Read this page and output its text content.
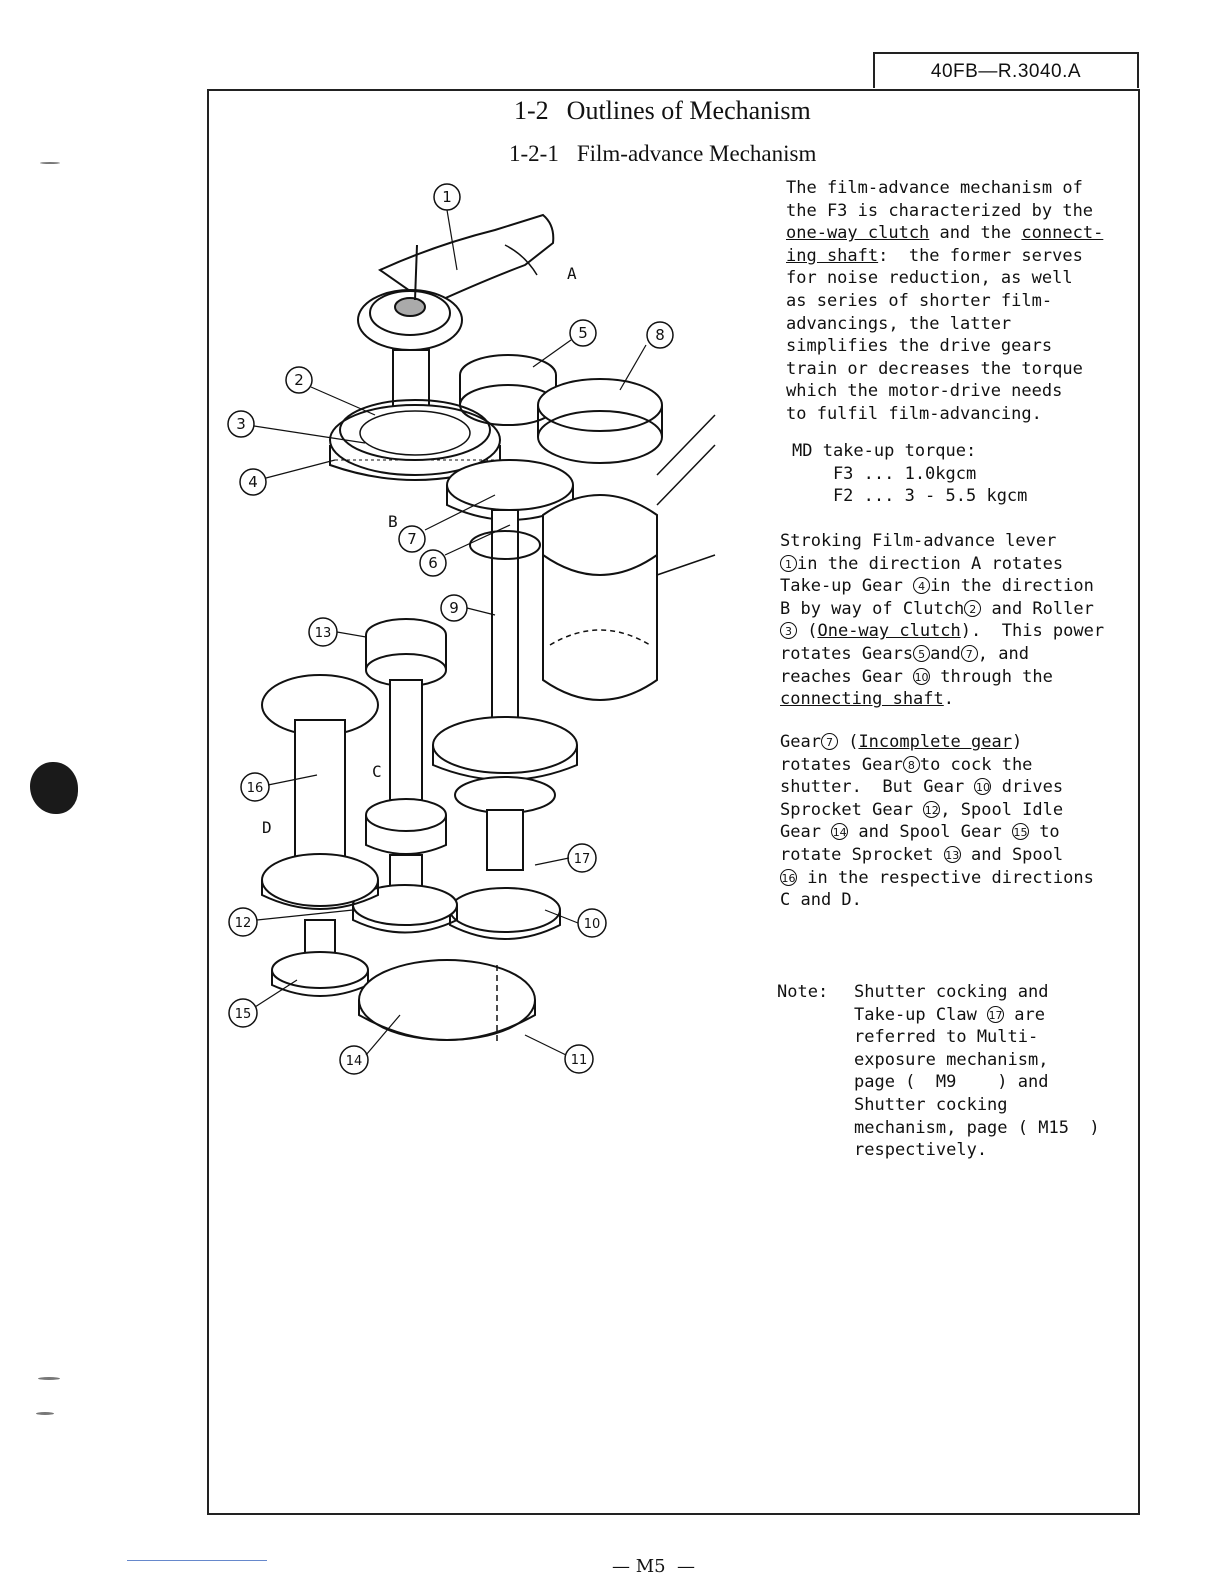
40FB—R.3040.A
1-2 Outlines of Mechanism
1-2-1 Film-advance Mechanism
1
2
3
4
5
6
7
8
9
10
11
12
13
14
15
16
17
A
B
C
D
The film-advance mechanism of
the F3 is characterized by the
one-way clutch and the connect-
ing shaft:  the former serves
for noise reduction, as well
as series of shorter film-
advancings, the latter
simplifies the drive gears
train or decreases the torque
which the motor-drive needs
to fulfil film-advancing.
MD take-up torque:
F3 ... 1.0kgcm
F2 ... 3 - 5.5 kgcm
Stroking Film-advance lever
1 in the direction A rotates
Take-up Gear 4 in the direction
B by way of Clutch 2 and Roller
3 (One-way clutch).  This power
rotates Gears 5 and 7 , and
reaches Gear 10 through the
connecting shaft.
Gear 7 (Incomplete gear)
rotates Gear 8 to cock the
shutter.  But Gear 10 drives
Sprocket Gear 12, Spool Idle
Gear 14 and Spool Gear 15 to
rotate Sprocket 13 and Spool
16 in the respective directions
C and D.
Note: Shutter cocking and
Take-up Claw 17 are
referred to Multi-
exposure mechanism,
page (  M9    ) and
Shutter cocking
mechanism, page ( M15  )
respectively.
— M5  —
